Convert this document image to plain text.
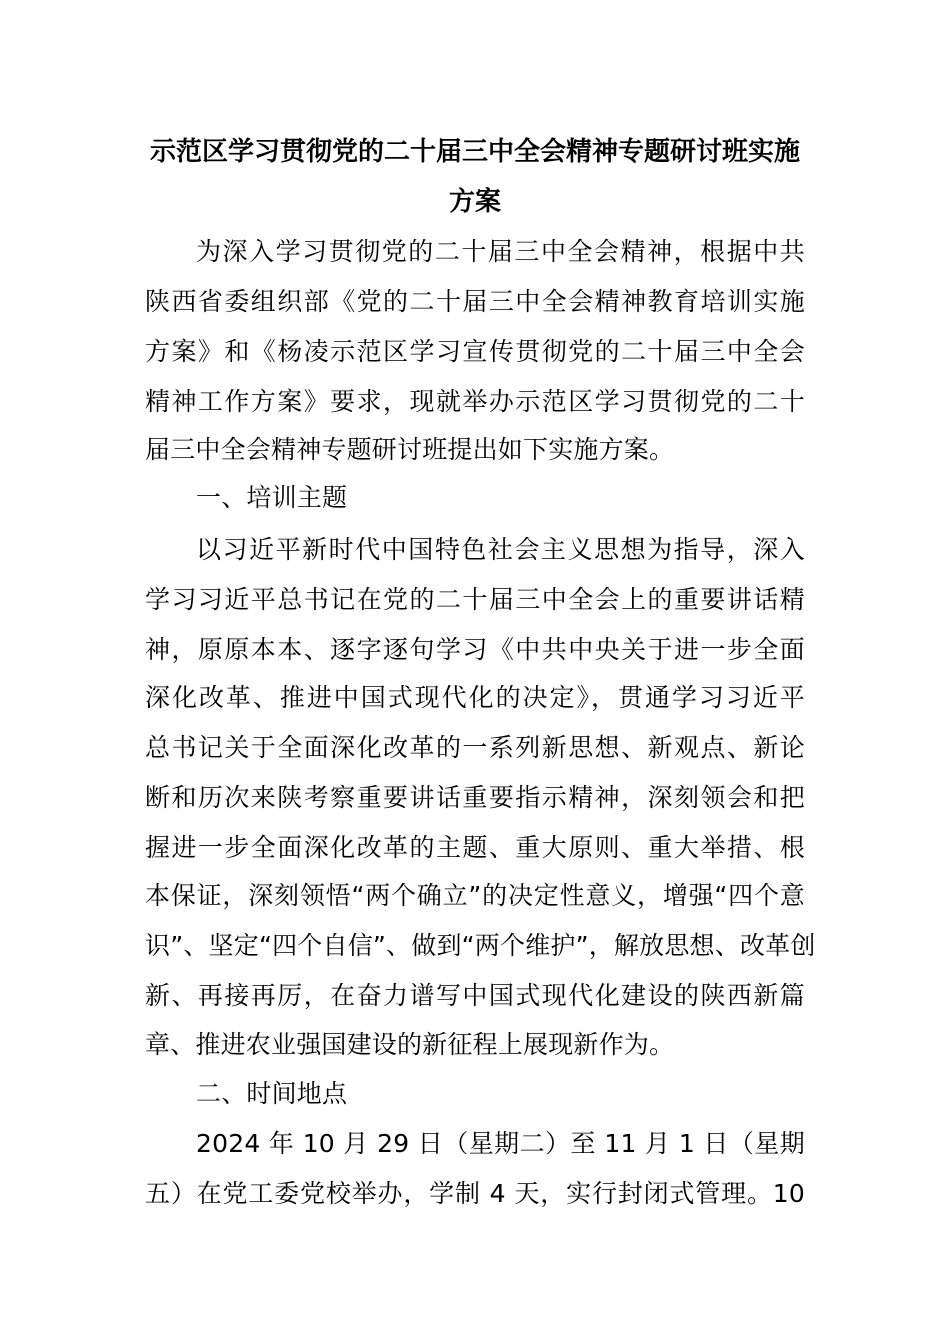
示范区学习贯彻党的二十届三中全会精神专题研讨班实施
方案
为深入学习贯彻党的二十届三中全会精神，根据中共
陕西省委组织部《党的二十届三中全会精神教育培训实施
方案》和《杨凌示范区学习宣传贯彻党的二十届三中全会
精神工作方案》要求，现就举办示范区学习贯彻党的二十
届三中全会精神专题研讨班提出如下实施方案。
一、培训主题
以习近平新时代中国特色社会主义思想为指导，深入
学习习近平总书记在党的二十届三中全会上的重要讲话精
神，原原本本、逐字逐句学习《中共中央关于进一步全面
深化改革、推进中国式现代化的决定》，贯通学习习近平
总书记关于全面深化改革的一系列新思想、新观点、新论
断和历次来陕考察重要讲话重要指示精神，深刻领会和把
握进一步全面深化改革的主题、重大原则、重大举措、根
本保证，深刻领悟“两个确立”的决定性意义，增强“四个意
识”、坚定“四个自信”、做到“两个维护”，解放思想、改革创
新、再接再厉，在奋力谱写中国式现代化建设的陕西新篇
章、推进农业强国建设的新征程上展现新作为。
二、时间地点
2024 年 10 月 29 日（星期二）至 11 月 1 日（星期
五）在党工委党校举办，学制 4 天，实行封闭式管理。10
